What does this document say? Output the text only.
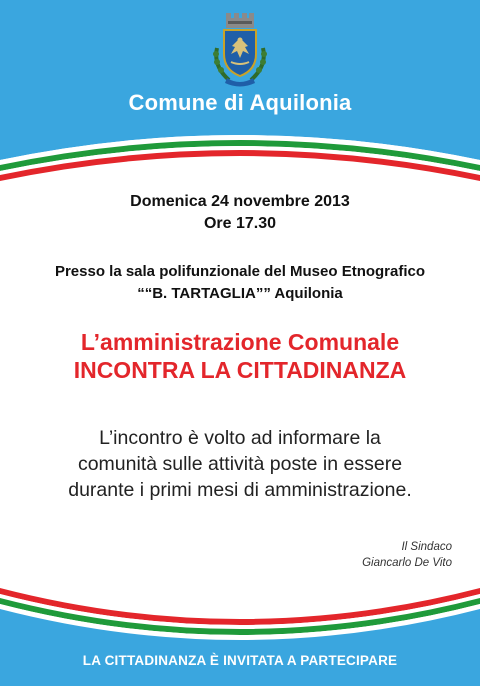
Comune di Aquilonia
Domenica 24 novembre 2013
Ore 17.30
Presso la sala polifunzionale del Museo Etnografico
““B. TARTAGLIA”” Aquilonia
L’amministrazione Comunale
INCONTRA LA CITTADINANZA
L’incontro è volto ad informare la
comunità sulle attività poste in essere
durante i primi mesi di amministrazione.
Il Sindaco
Giancarlo De Vito
LA CITTADINANZA È INVITATA A PARTECIPARE
